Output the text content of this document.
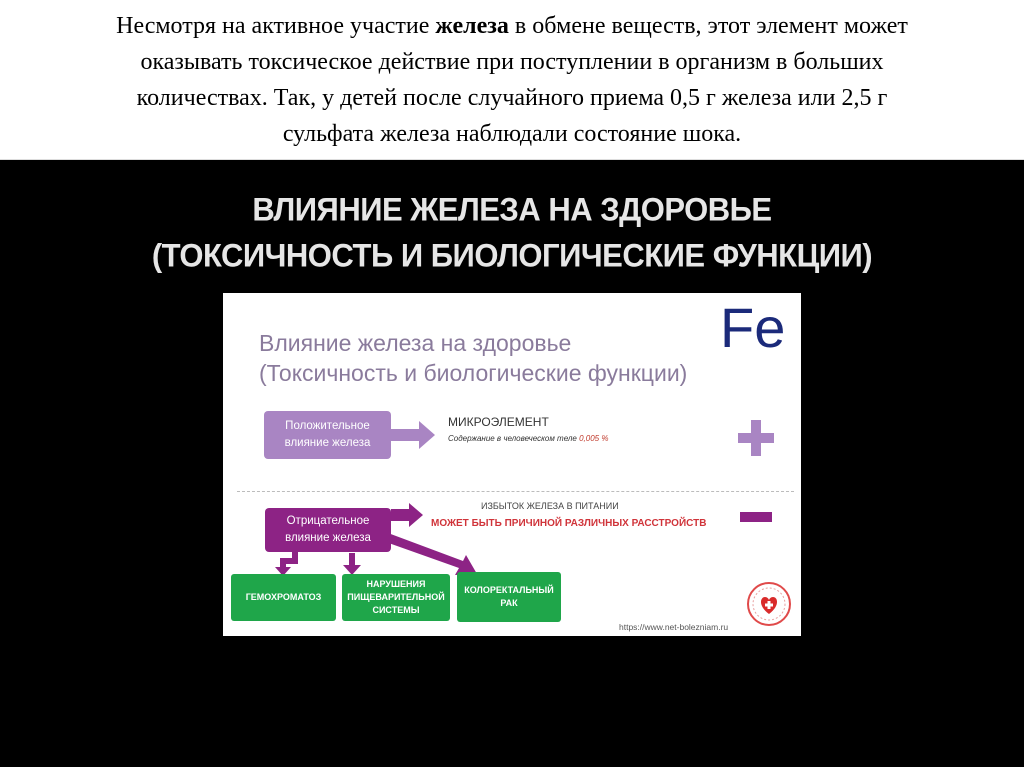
Несмотря на активное участие железа в обмене веществ, этот элемент может
оказывать токсическое действие при поступлении в организм в больших
количествах. Так, у детей после случайного приема 0,5 г железа или 2,5 г
сульфата железа наблюдали состояние шока.
ВЛИЯНИЕ ЖЕЛЕЗА НА ЗДОРОВЬЕ
(ТОКСИЧНОСТЬ И БИОЛОГИЧЕСКИЕ ФУНКЦИИ)
Влияние железа на здоровье
(Токсичность и биологические функции)
Fe
Положительное
влияние железа
МИКРОЭЛЕМЕНТ
Содержание в человеческом теле 0,005 %
Отрицательное
влияние железа
ИЗБЫТОК ЖЕЛЕЗА В ПИТАНИИ
МОЖЕТ БЫТЬ ПРИЧИНОЙ РАЗЛИЧНЫХ РАССТРОЙСТВ
ГЕМОХРОМАТОЗ
НАРУШЕНИЯ
ПИЩЕВАРИТЕЛЬНОЙ
СИСТЕМЫ
КОЛОРЕКТАЛЬНЫЙ
РАК
https://www.net-bolezniam.ru
